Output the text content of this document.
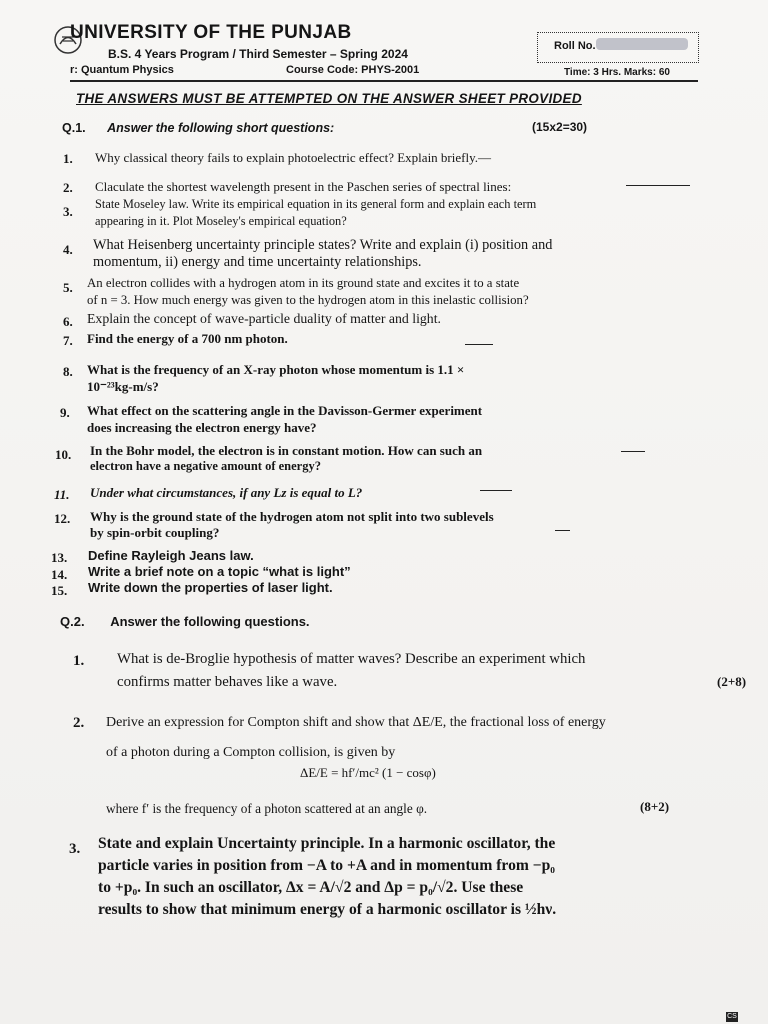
UNIVERSITY OF THE PUNJAB
B.S. 4 Years Program / Third Semester – Spring 2024
r: Quantum Physics	Course Code: PHYS-2001
Roll No.
Time: 3 Hrs. Marks: 60
THE ANSWERS MUST BE ATTEMPTED ON THE ANSWER SHEET PROVIDED
Q.1. Answer the following short questions:	(15x2=30)
1. Why classical theory fails to explain photoelectric effect? Explain briefly.—
2. Claculate the shortest wavelength present in the Paschen series of spectral lines:
3. State Moseley law. Write its empirical equation in its general form and explain each term
appearing in it. Plot Moseley's empirical equation?
4. What Heisenberg uncertainty principle states? Write and explain (i) position and
momentum, ii) energy and time uncertainty relationships.
5. An electron collides with a hydrogen atom in its ground state and excites it to a state
of n = 3. How much energy was given to the hydrogen atom in this inelastic collision?
6. Explain the concept of wave-particle duality of matter and light.
7. Find the energy of a 700 nm photon.
8. What is the frequency of an X-ray photon whose momentum is 1.1 ×
10⁻²³kg-m/s?
9. What effect on the scattering angle in the Davisson-Germer experiment
does increasing the electron energy have?
10. In the Bohr model, the electron is in constant motion. How can such an
electron have a negative amount of energy?
11. Under what circumstances, if any Lz is equal to L?
12. Why is the ground state of the hydrogen atom not split into two sublevels
by spin-orbit coupling?
13. Define Rayleigh Jeans law.
14. Write a brief note on a topic “what is light”
15. Write down the properties of laser light.
Q.2. Answer the following questions.
1. What is de-Broglie hypothesis of matter waves? Describe an experiment which
confirms matter behaves like a wave.	(2+8)
2. Derive an expression for Compton shift and show that ΔE/E, the fractional loss of energy
of a photon during a Compton collision, is given by
ΔE/E = hf′/mc² (1 − cosφ)
where f′ is the frequency of a photon scattered at an angle φ.	(8+2)
3. State and explain Uncertainty principle. In a harmonic oscillator, the
particle varies in position from −A to +A and in momentum from −p₀
to +p₀. In such an oscillator, Δx = A/√2 and Δp = p₀/√2. Use these
results to show that minimum energy of a harmonic oscillator is ½hν.
CS
